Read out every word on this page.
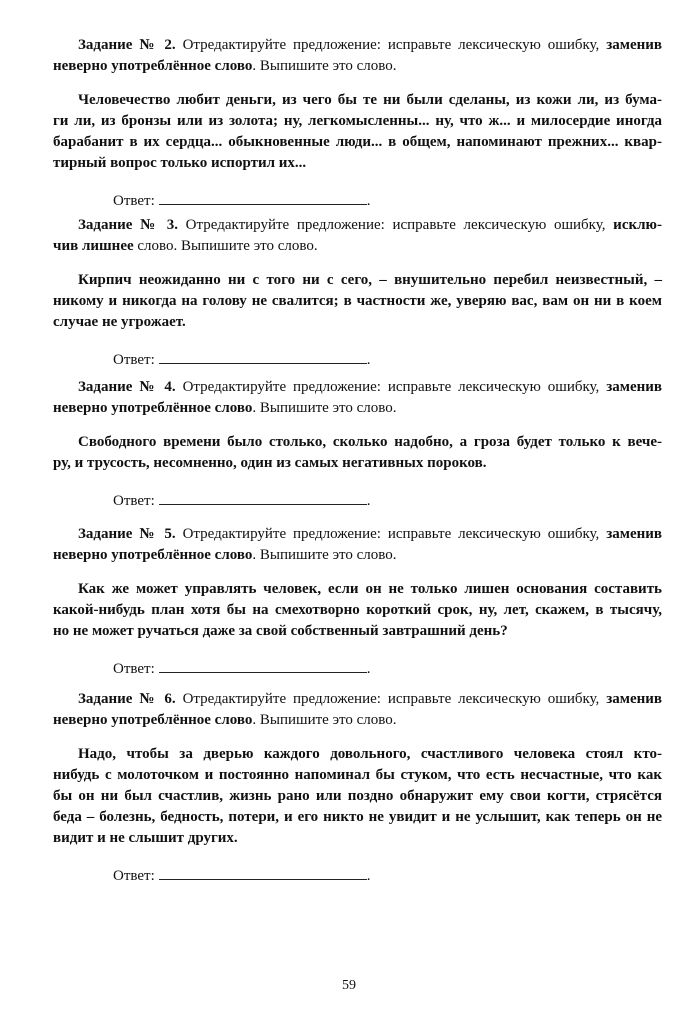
Задание № 2. Отредактируйте предложение: исправьте лексическую ошибку, заменив
неверно употреблённое слово. Выпишите это слово.
Человечество любит деньги, из чего бы те ни были сделаны, из кожи ли, из бума-
ги ли, из бронзы или из золота; ну, легкомысленны... ну, что ж... и милосердие иногда
барабанит в их сердца... обыкновенные люди... в общем, напоминают прежних... квар-
тирный вопрос только испортил их...
Ответ:	.
Задание № 3. Отредактируйте предложение: исправьте лексическую ошибку, исклю-
чив лишнее слово. Выпишите это слово.
Кирпич неожиданно ни с того ни с сего, – внушительно перебил неизвестный, –
никому и никогда на голову не свалится; в частности же, уверяю вас, вам он ни в коем
случае не угрожает.
Ответ:	.
Задание № 4. Отредактируйте предложение: исправьте лексическую ошибку, заменив
неверно употреблённое слово. Выпишите это слово.
Свободного времени было столько, сколько надобно, а гроза будет только к вече-
ру, и трусость, несомненно, один из самых негативных пороков.
Ответ:	.
Задание № 5. Отредактируйте предложение: исправьте лексическую ошибку, заменив
неверно употреблённое слово. Выпишите это слово.
Как же может управлять человек, если он не только лишен основания составить
какой-нибудь план хотя бы на смехотворно короткий срок, ну, лет, скажем, в тысячу,
но не может ручаться даже за свой собственный завтрашний день?
Ответ:	.
Задание № 6. Отредактируйте предложение: исправьте лексическую ошибку, заменив
неверно употреблённое слово. Выпишите это слово.
Надо, чтобы за дверью каждого довольного, счастливого человека стоял кто-
нибудь с молоточком и постоянно напоминал бы стуком, что есть несчастные, что как
бы он ни был счастлив, жизнь рано или поздно обнаружит ему свои когти, стрясётся
беда – болезнь, бедность, потери, и его никто не увидит и не услышит, как теперь он не
видит и не слышит других.
Ответ:	.
59
